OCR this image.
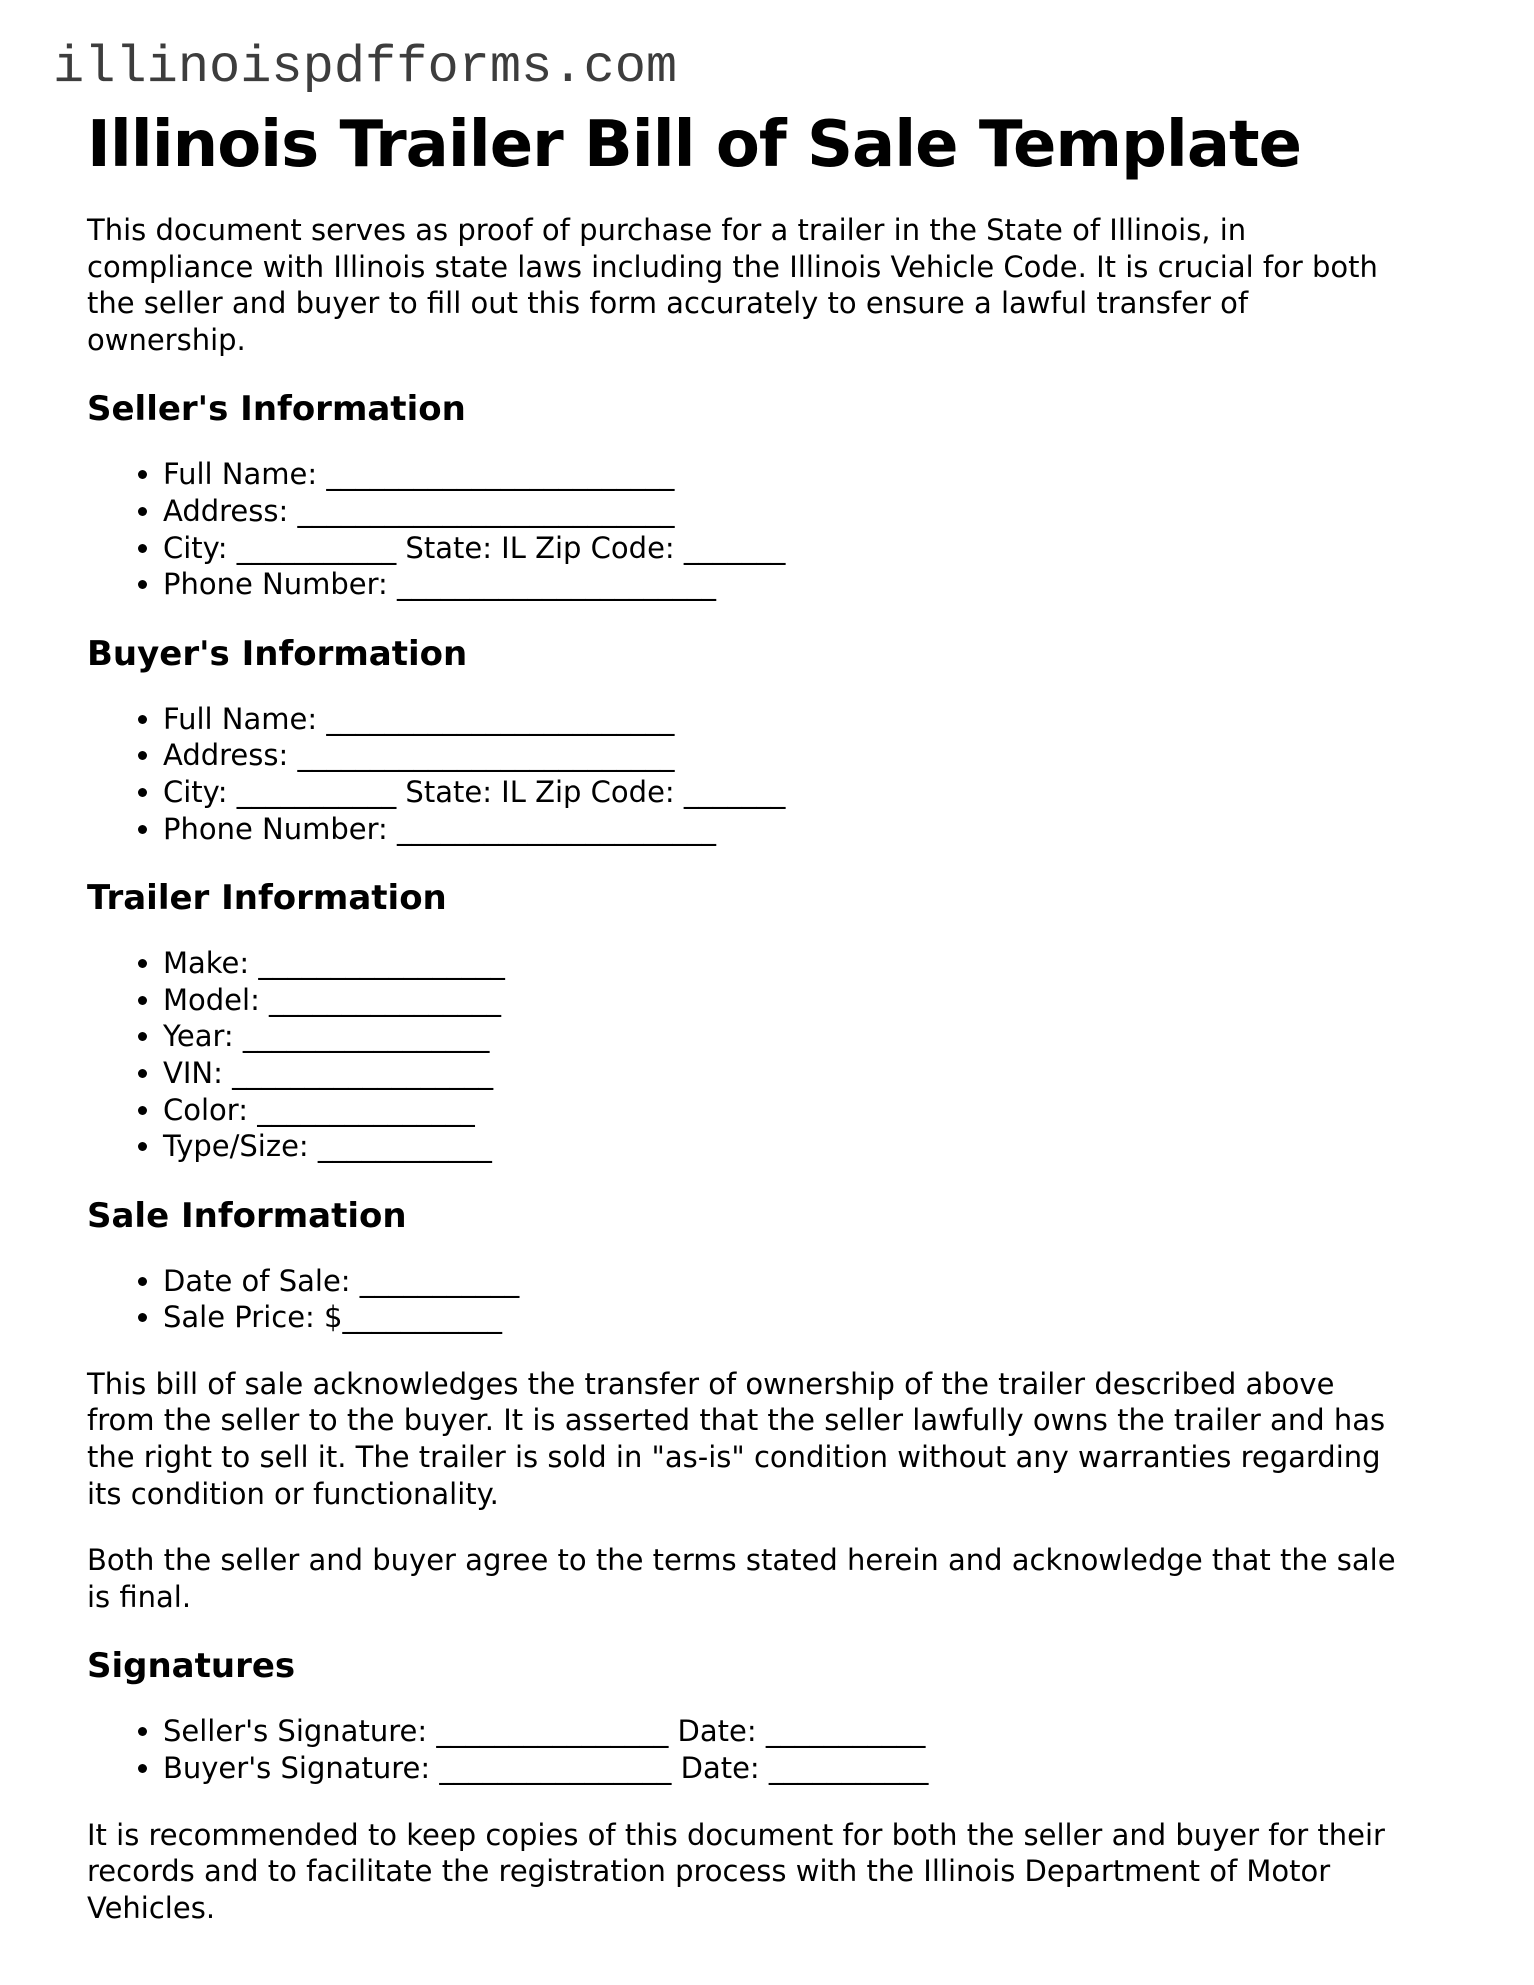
illinoispdfforms.com
Illinois Trailer Bill of Sale Template
This document serves as proof of purchase for a trailer in the State of Illinois, in
compliance with Illinois state laws including the Illinois Vehicle Code. It is crucial for both
the seller and buyer to fill out this form accurately to ensure a lawful transfer of
ownership.
Seller's Information
• Full Name: ________________________
• Address: __________________________
• City: ___________ State: IL Zip Code: _______
• Phone Number: ______________________
Buyer's Information
• Full Name: ________________________
• Address: __________________________
• City: ___________ State: IL Zip Code: _______
• Phone Number: ______________________
Trailer Information
• Make: _________________
• Model: ________________
• Year: _________________
• VIN: __________________
• Color: _______________
• Type/Size: ____________
Sale Information
• Date of Sale: ___________
• Sale Price: $___________
This bill of sale acknowledges the transfer of ownership of the trailer described above
from the seller to the buyer. It is asserted that the seller lawfully owns the trailer and has
the right to sell it. The trailer is sold in "as-is" condition without any warranties regarding
its condition or functionality.
Both the seller and buyer agree to the terms stated herein and acknowledge that the sale
is final.
Signatures
• Seller's Signature: ________________ Date: ___________
• Buyer's Signature: ________________ Date: ___________
It is recommended to keep copies of this document for both the seller and buyer for their
records and to facilitate the registration process with the Illinois Department of Motor
Vehicles.
